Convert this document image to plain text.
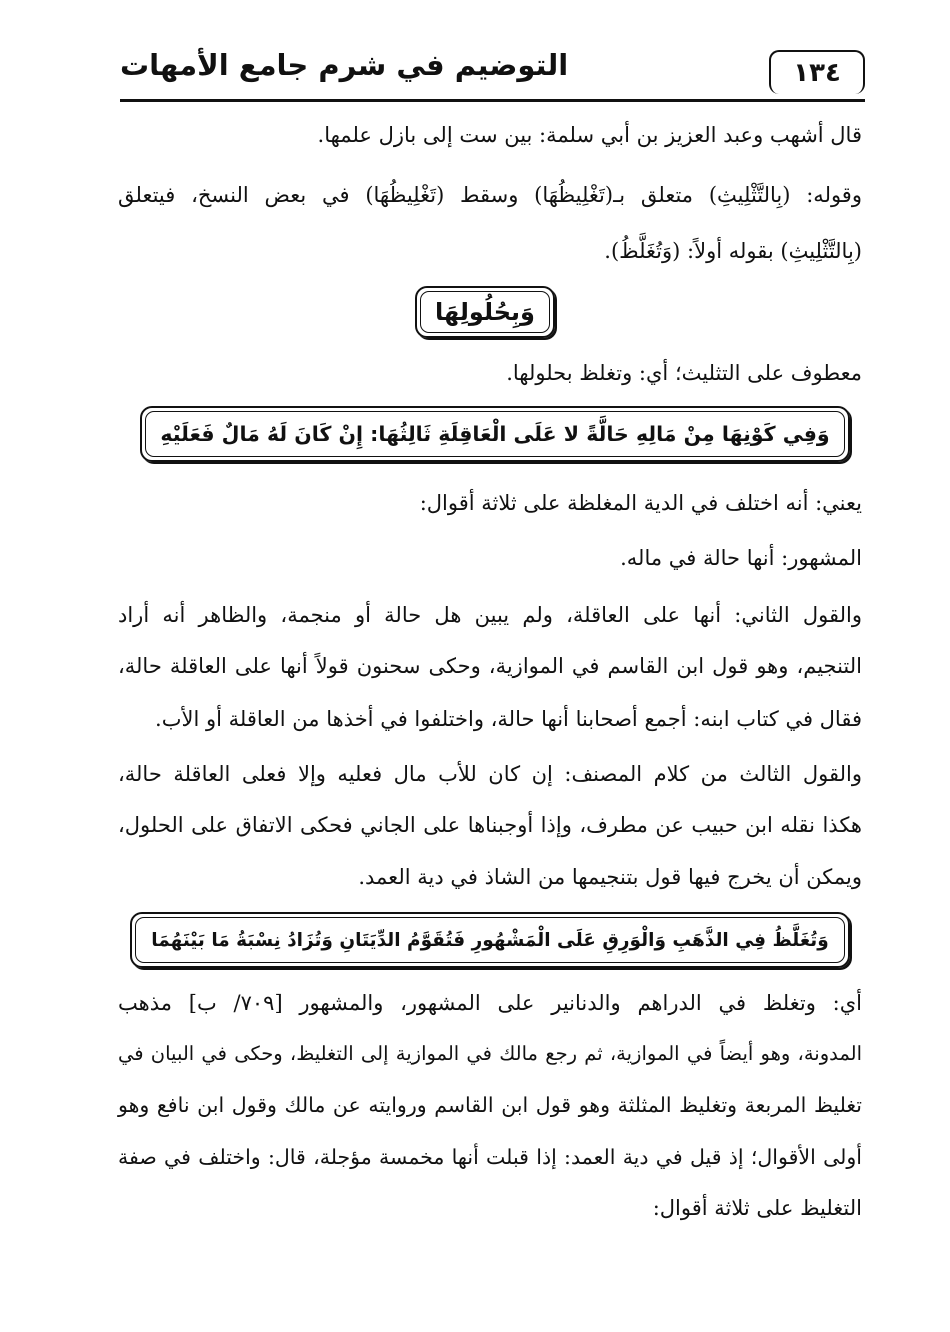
١٣٤
التوضيم في شرم جامع الأمهات
قال أشهب وعبد العزيز بن أبي سلمة: بين ست إلى بازل علمها.
وقوله: (بِالتَّثْلِيثِ) متعلق بـ(تَغْلِيظُهَا) وسقط (تَغْلِيظُهَا) في بعض النسخ، فيتعلق
(بِالتَّثْلِيثِ) بقوله أولاً: (وَتُغَلَّظُ).
وَبِحُلُولِهَا
معطوف على التثليث؛ أي: وتغلظ بحلولها.
وَفِي كَوْنِهَا مِنْ مَالِهِ حَالَّةً لا عَلَى الْعَاقِلَةِ ثَالِثُهَا: إِنْ كَانَ لَهُ مَالٌ فَعَلَيْهِ
يعني: أنه اختلف في الدية المغلظة على ثلاثة أقوال:
المشهور: أنها حالة في ماله.
والقول الثاني: أنها على العاقلة، ولم يبين هل حالة أو منجمة، والظاهر أنه أراد
التنجيم، وهو قول ابن القاسم في الموازية، وحكى سحنون قولاً أنها على العاقلة حالة،
فقال في كتاب ابنه: أجمع أصحابنا أنها حالة، واختلفوا في أخذها من العاقلة أو الأب.
والقول الثالث من كلام المصنف: إن كان للأب مال فعليه وإلا فعلى العاقلة حالة،
هكذا نقله ابن حبيب عن مطرف، وإذا أوجبناها على الجاني فحكى الاتفاق على الحلول،
ويمكن أن يخرج فيها قول بتنجيمها من الشاذ في دية العمد.
وَتُغَلَّظُ فِي الذَّهَبِ وَالْوَرِقِ عَلَى الْمَشْهُورِ فَتُقَوَّمُ الدِّيَتَانِ وَتُزَادُ نِسْبَةُ مَا بَيْنَهُمَا
أي: وتغلظ في الدراهم والدنانير على المشهور، والمشهور [٧٠٩/ ب] مذهب
المدونة، وهو أيضاً في الموازية، ثم رجع مالك في الموازية إلى التغليظ، وحكى في البيان في
تغليظ المربعة وتغليظ المثلثة وهو قول ابن القاسم وروايته عن مالك وقول ابن نافع وهو
أولى الأقوال؛ إذ قيل في دية العمد: إذا قبلت أنها مخمسة مؤجلة، قال: واختلف في صفة
التغليظ على ثلاثة أقوال:
